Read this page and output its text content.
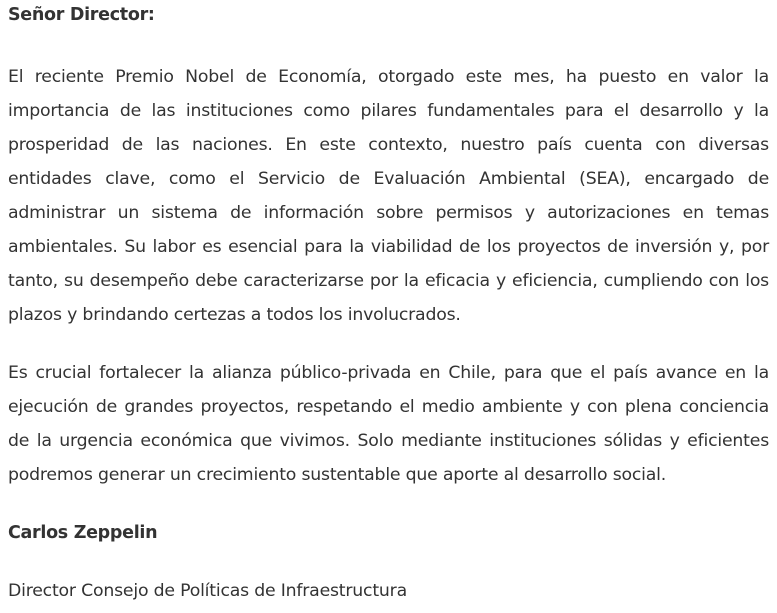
Señor Director:

El reciente Premio Nobel de Economía, otorgado este mes, ha puesto en valor la importancia de las instituciones como pilares fundamentales para el desarrollo y la prosperidad de las naciones. En este contexto, nuestro país cuenta con diversas entidades clave, como el Servicio de Evaluación Ambiental (SEA), encargado de administrar un sistema de información sobre permisos y autorizaciones en temas ambientales. Su labor es esencial para la viabilidad de los proyectos de inversión y, por tanto, su desempeño debe caracterizarse por la eficacia y eficiencia, cumpliendo con los plazos y brindando certezas a todos los involucrados.

Es crucial fortalecer la alianza público-privada en Chile, para que el país avance en la ejecución de grandes proyectos, respetando el medio ambiente y con plena conciencia de la urgencia económica que vivimos. Solo mediante instituciones sólidas y eficientes podremos generar un crecimiento sustentable que aporte al desarrollo social.

Carlos Zeppelin

Director Consejo de Políticas de Infraestructura
